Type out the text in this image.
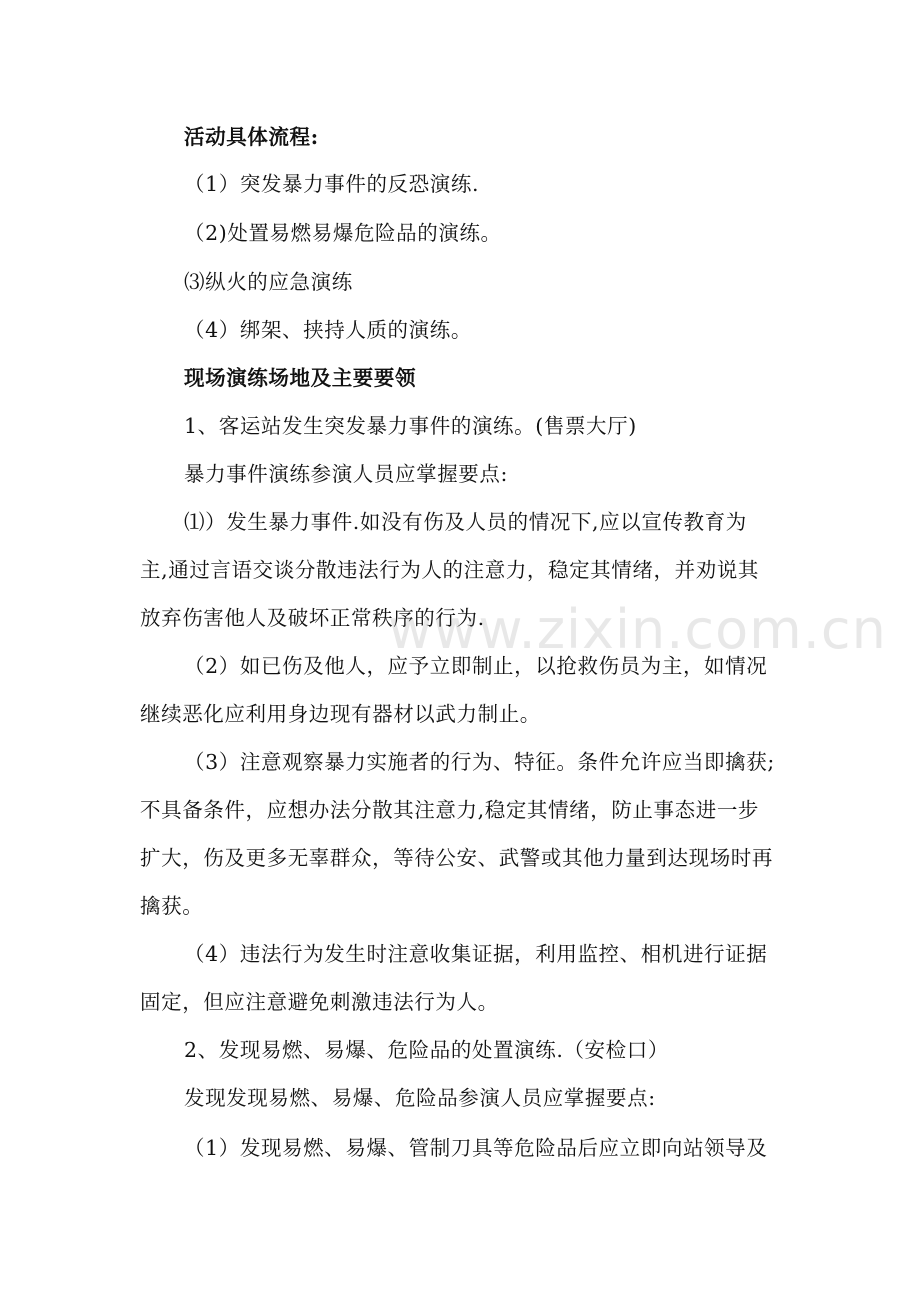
活动具体流程:
（1）突发暴力事件的反恐演练.
（2)处置易燃易爆危险品的演练。
⑶纵火的应急演练
（4）绑架、挟持人质的演练。
现场演练场地及主要要领
1、客运站发生突发暴力事件的演练。(售票大厅)
暴力事件演练参演人员应掌握要点:
⑴）发生暴力事件.如没有伤及人员的情况下,应以宣传教育为
主,通过言语交谈分散违法行为人的注意力，稳定其情绪，并劝说其
放弃伤害他人及破坏正常秩序的行为.
（2）如已伤及他人，应予立即制止，以抢救伤员为主，如情况
继续恶化应利用身边现有器材以武力制止。
（3）注意观察暴力实施者的行为、特征。条件允许应当即擒获;
不具备条件，应想办法分散其注意力,稳定其情绪，防止事态进一步
扩大，伤及更多无辜群众，等待公安、武警或其他力量到达现场时再
擒获。
（4）违法行为发生时注意收集证据，利用监控、相机进行证据
固定，但应注意避免刺激违法行为人。
2、发现易燃、易爆、危险品的处置演练.（安检口）
发现发现易燃、易爆、危险品参演人员应掌握要点:
（1）发现易燃、易爆、管制刀具等危险品后应立即向站领导及
www.zixin.com.cn
